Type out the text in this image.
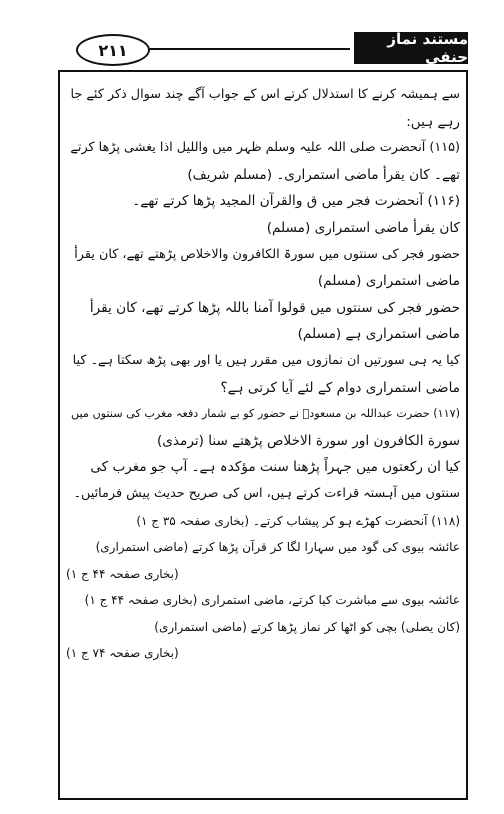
۲۱۱
مستند نماز حنفی
سے ہمیشہ کرنے کا استدلال کرتے اس کے جواب آگے چند سوال ذکر کئے جا
رہے ہیں:
(۱۱۵) آنحضرت صلی اللہ علیہ وسلم ظہر میں والليل اذا يغشی پڑھا کرتے
تھے۔ کان یقرأ ماضی استمراری۔ (مسلم شریف)
(۱۱۶) آنحضرت فجر میں ق والقرآن المجيد پڑھا کرتے تھے۔
کان یقرأ ماضی استمراری (مسلم)
حضور فجر کی سنتوں میں سورۃ الکافرون والاخلاص پڑھتے تھے، کان یقرأ
ماضی استمراری (مسلم)
حضور فجر کی سنتوں میں قولوا آمنا باللہ پڑھا کرتے تھے، کان یقرأ
ماضی استمراری ہے (مسلم)
کیا یہ ہی سورتیں ان نمازوں میں مقرر ہیں یا اور بھی پڑھ سکتا ہے۔ کیا
ماضی استمراری دوام کے لئے آیا کرتی ہے؟
(۱۱۷) حضرت عبداللہ بن مسعودؓ نے حضور کو بے شمار دفعہ مغرب کی سنتوں میں
سورة الكافرون اور سورة الاخلاص پڑھتے سنا (ترمذی)
کیا ان رکعتوں میں جہراً پڑھنا سنت مؤکدہ ہے۔ آپ جو مغرب کی
سنتوں میں آہستہ قراءت کرتے ہیں، اس کی صریح حدیث پیش فرمائیں۔
(۱۱۸) آنحضرت کھڑے ہو کر پیشاب کرتے۔ (بخاری صفحہ ۳۵ ج ۱)
عائشہ بیوی کی گود میں سہارا لگا کر قرآن پڑھا کرتے (ماضی استمراری)
(بخاری صفحہ ۴۴ ج ۱)
عائشہ بیوی سے مباشرت کیا کرتے، ماضی استمراری (بخاری صفحہ ۴۴ ج ۱)
(کان یصلی) بچی کو اٹھا کر نماز پڑھا کرتے (ماضی استمراری)
(بخاری صفحہ ۷۴ ج ۱)
